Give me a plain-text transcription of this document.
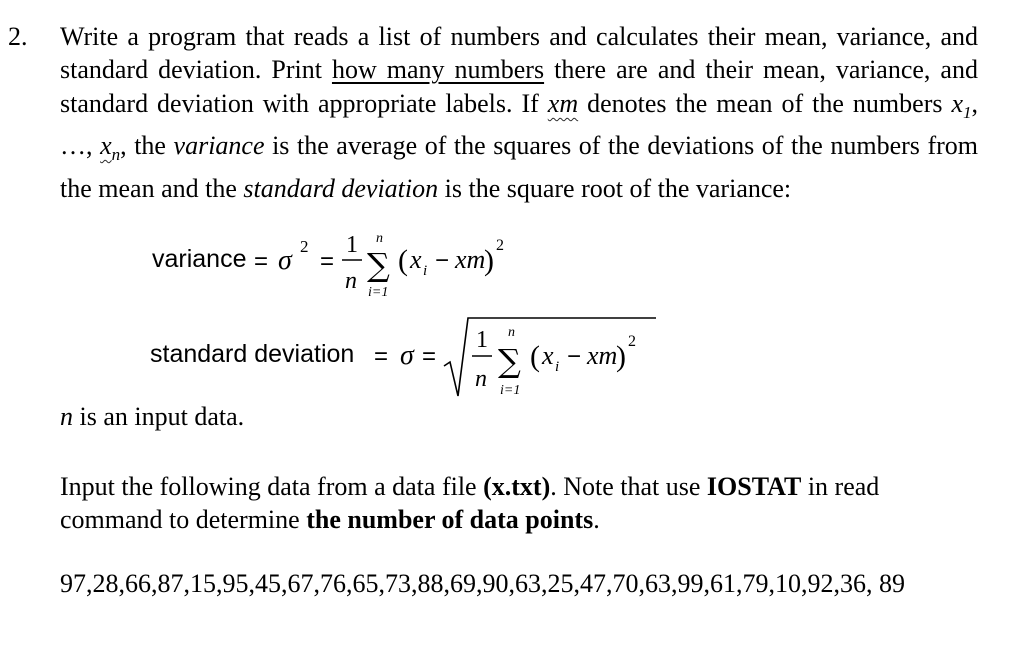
2. Write a program that reads a list of numbers and calculates their mean, variance, and standard deviation. Print how many numbers there are and their mean, variance, and standard deviation with appropriate labels. If xm denotes the mean of the numbers $x_1$, …, $x_n$, the variance is the average of the squares of the deviations of the numbers from the mean and the standard deviation is the square root of the variance:
variance = σ 2
=
1
n
n
∑
i=1
( x i − xm
) 2
standard deviation = σ =
1
n
n
∑
i=1
( x i − xm
) 2
n is an input data.
Input the following data from a data file (x.txt). Note that use IOSTAT in read command to determine the number of data points.
97,28,66,87,15,95,45,67,76,65,73,88,69,90,63,25,47,70,63,99,61,79,10,92,36, 89
